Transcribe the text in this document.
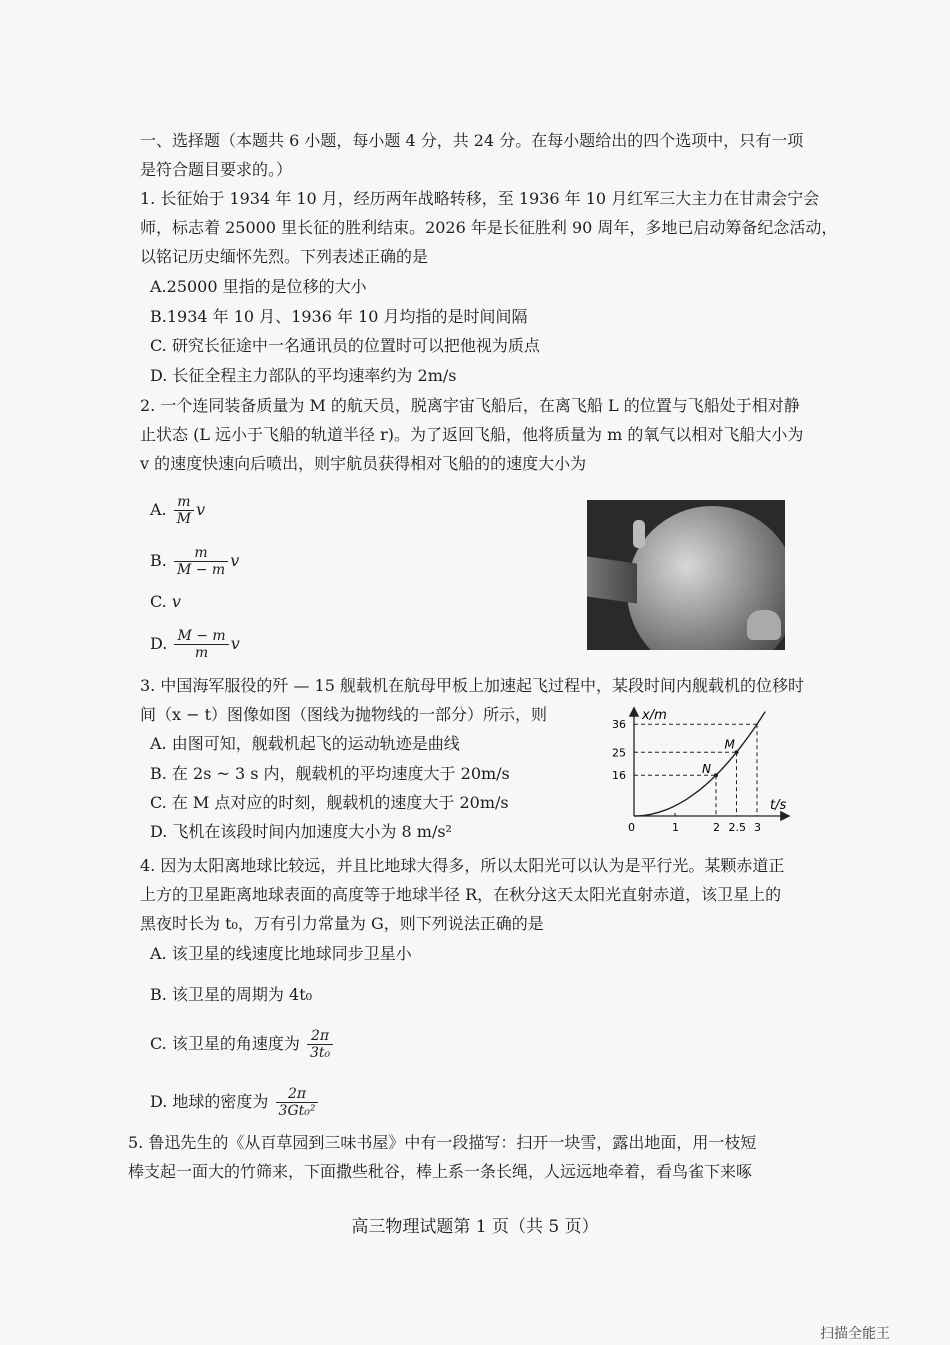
一、选择题（本题共 6 小题，每小题 4 分，共 24 分。在每小题给出的四个选项中，只有一项
是符合题目要求的。）
1. 长征始于 1934 年 10 月，经历两年战略转移，至 1936 年 10 月红军三大主力在甘肃会宁会
师，标志着 25000 里长征的胜利结束。2026 年是长征胜利 90 周年，多地已启动筹备纪念活动，
以铭记历史缅怀先烈。下列表述正确的是
A.25000 里指的是位移的大小
B.1934 年 10 月、1936 年 10 月均指的是时间间隔
C. 研究长征途中一名通讯员的位置时可以把他视为质点
D. 长征全程主力部队的平均速率约为 2m/s
2. 一个连同装备质量为 M 的航天员，脱离宇宙飞船后，在离飞船 L 的位置与飞船处于相对静
止状态 (L 远小于飞船的轨道半径 r)。为了返回飞船，他将质量为 m 的氧气以相对飞船大小为
v 的速度快速向后喷出，则宇航员获得相对飞船的的速度大小为
A. $\frac{m}{M}$ v
B. $\frac{m}{M - m}$ v
C. v
D. $\frac{M - m}{m}$ v
3. 中国海军服役的歼 — 15 舰载机在航母甲板上加速起飞过程中，某段时间内舰载机的位移时
间（x − t）图像如图（图线为抛物线的一部分）所示，则
A. 由图可知，舰载机起飞的运动轨迹是曲线
B. 在 2s ~ 3 s 内，舰载机的平均速度大于 20m/s
C. 在 M 点对应的时刻，舰载机的速度大于 20m/s
D. 飞机在该段时间内加速度大小为 8 m/s²
N
M
1	2 2.5 3
16
25
36
x/m
t/s
0
4. 因为太阳离地球比较远，并且比地球大得多，所以太阳光可以认为是平行光。某颗赤道正
上方的卫星距离地球表面的高度等于地球半径 R，在秋分这天太阳光直射赤道，该卫星上的
黑夜时长为 t₀，万有引力常量为 G，则下列说法正确的是
A. 该卫星的线速度比地球同步卫星小
B. 该卫星的周期为 4t₀
C. 该卫星的角速度为 $\frac{2\pi}{\text{3t₀}}$
D. 地球的密度为 $\frac{2\pi}{\text{3Gt₀²}}$
5. 鲁迅先生的《从百草园到三味书屋》中有一段描写：扫开一块雪，露出地面，用一枝短
棒支起一面大的竹筛来，下面撒些秕谷，棒上系一条长绳，人远远地牵着，看鸟雀下来啄
高三物理试题第 1 页（共 5 页）
扫描全能王
